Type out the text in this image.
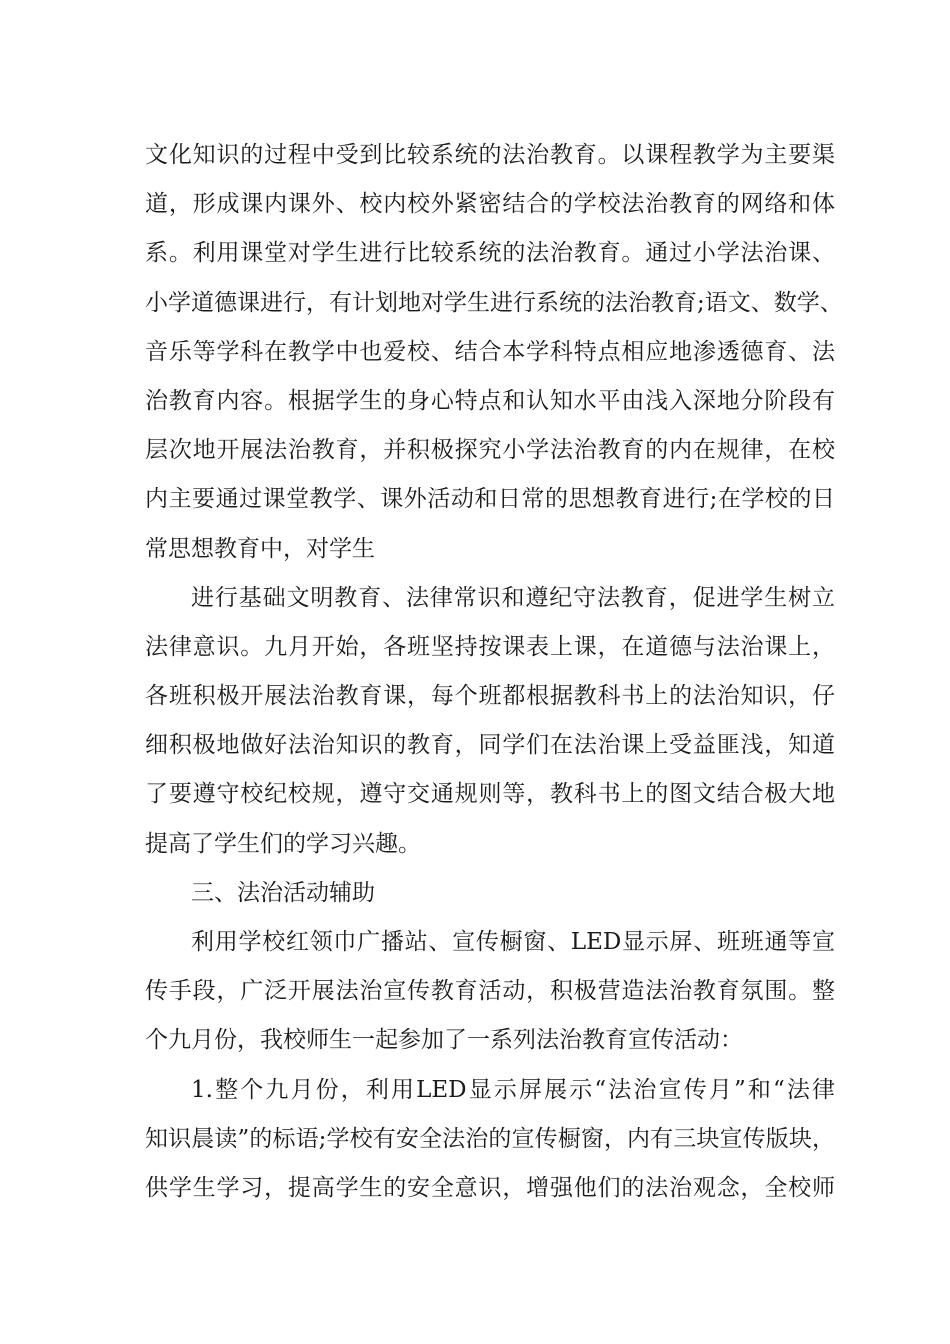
文化知识的过程中受到比较系统的法治教育。以课程教学为主要渠
道，形成课内课外、校内校外紧密结合的学校法治教育的网络和体
系。利用课堂对学生进行比较系统的法治教育。通过小学法治课、
小学道德课进行，有计划地对学生进行系统的法治教育;语文、数学、
音乐等学科在教学中也爱校、结合本学科特点相应地渗透德育、法
治教育内容。根据学生的身心特点和认知水平由浅入深地分阶段有
层次地开展法治教育，并积极探究小学法治教育的内在规律，在校
内主要通过课堂教学、课外活动和日常的思想教育进行;在学校的日
常思想教育中，对学生
进行基础文明教育、法律常识和遵纪守法教育，促进学生树立
法律意识。九月开始，各班坚持按课表上课，在道德与法治课上，
各班积极开展法治教育课，每个班都根据教科书上的法治知识，仔
细积极地做好法治知识的教育，同学们在法治课上受益匪浅，知道
了要遵守校纪校规，遵守交通规则等，教科书上的图文结合极大地
提高了学生们的学习兴趣。
三、法治活动辅助
利用学校红领巾广播站、宣传橱窗、LED显示屏、班班通等宣
传手段，广泛开展法治宣传教育活动，积极营造法治教育氛围。整
个九月份，我校师生一起参加了一系列法治教育宣传活动：
1.整个九月份，利用LED显示屏展示“法治宣传月”和“法律
知识晨读”的标语;学校有安全法治的宣传橱窗，内有三块宣传版块，
供学生学习，提高学生的安全意识，增强他们的法治观念，全校师
